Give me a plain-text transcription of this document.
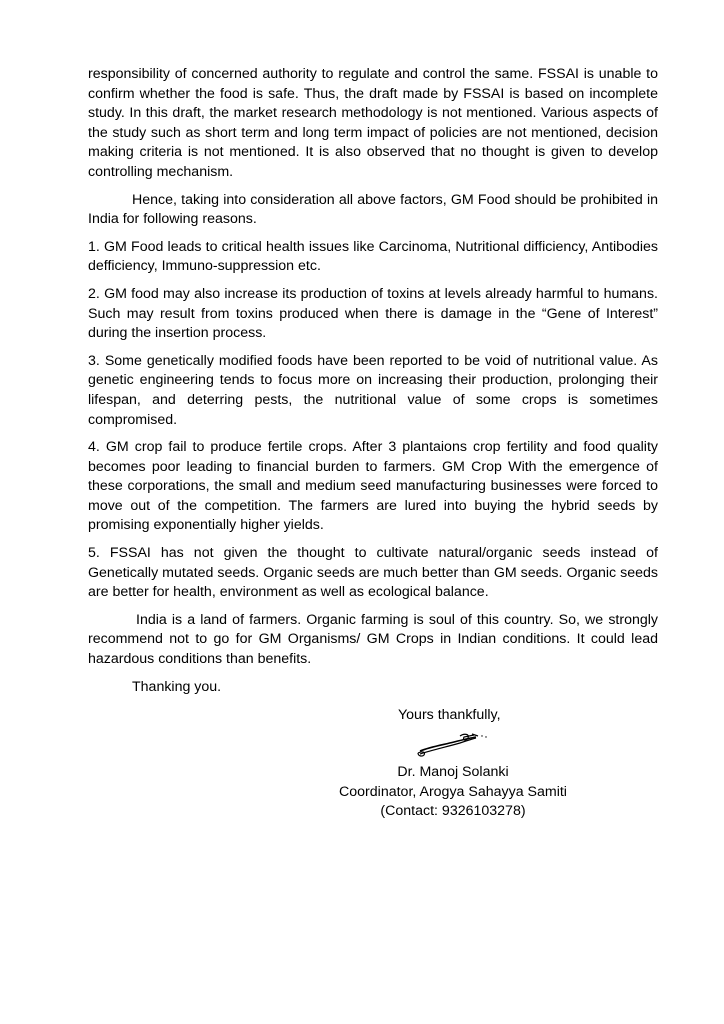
responsibility of concerned authority to regulate and control the same. FSSAI is unable to confirm whether the food is safe. Thus, the draft made by FSSAI is based on incomplete study. In this draft, the market research methodology is not mentioned. Various aspects of the study such as short term and long term impact of policies are not mentioned, decision making criteria is not mentioned. It is also observed that no thought is given to develop controlling mechanism.

Hence, taking into consideration all above factors, GM Food should be prohibited in India for following reasons.

1. GM Food leads to critical health issues like Carcinoma, Nutritional difficiency, Antibodies defficiency, Immuno-suppression etc.

2. GM food may also increase its production of toxins at levels already harmful to humans. Such may result from toxins produced when there is damage in the “Gene of Interest” during the insertion process.

3. Some genetically modified foods have been reported to be void of nutritional value. As genetic engineering tends to focus more on increasing their production, prolonging their lifespan, and deterring pests, the nutritional value of some crops is sometimes compromised.

4. GM crop fail to produce fertile crops. After 3 plantaions crop fertility and food quality becomes poor leading to financial burden to farmers. GM Crop With the emergence of these corporations, the small and medium seed manufacturing businesses were forced to move out of the competition. The farmers are lured into buying the hybrid seeds by promising exponentially higher yields.

5. FSSAI has not given the thought to cultivate natural/organic seeds instead of Genetically mutated seeds. Organic seeds are much better than GM seeds. Organic seeds are better for health, environment as well as ecological balance.

India is a land of farmers. Organic farming is soul of this country. So, we strongly recommend not to go for GM Organisms/ GM Crops in Indian conditions. It could lead hazardous conditions than benefits.

Thanking you.

Yours thankfully,

Dr. Manoj Solanki
Coordinator, Arogya Sahayya Samiti
(Contact: 9326103278)
